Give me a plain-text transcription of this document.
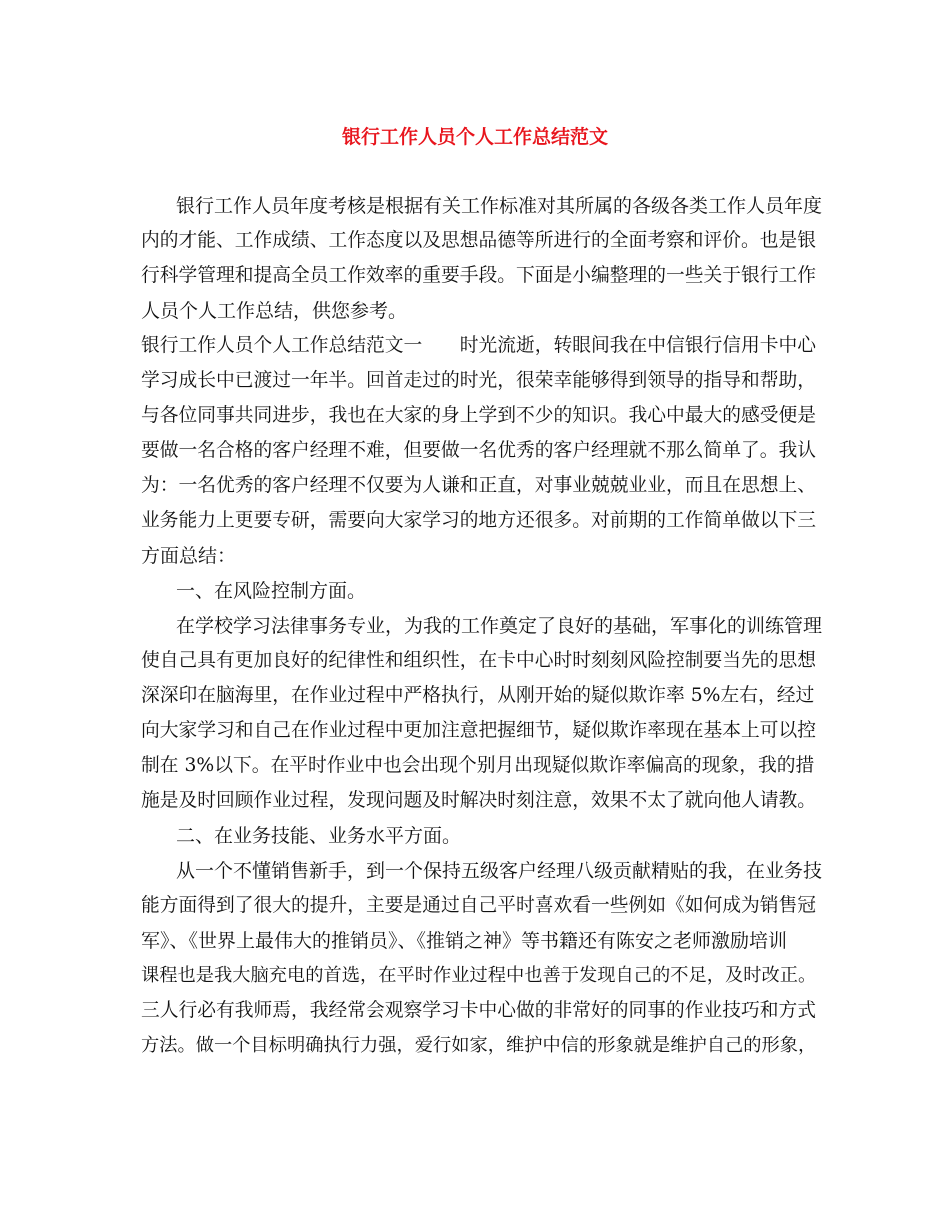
银行工作人员个人工作总结范文
银行工作人员年度考核是根据有关工作标准对其所属的各级各类工作人员年度
内的才能、工作成绩、工作态度以及思想品德等所进行的全面考察和评价。也是银
行科学管理和提高全员工作效率的重要手段。下面是小编整理的一些关于银行工作
人员个人工作总结，供您参考。
银行工作人员个人工作总结范文一　　时光流逝，转眼间我在中信银行信用卡中心
学习成长中已渡过一年半。回首走过的时光，很荣幸能够得到领导的指导和帮助，
与各位同事共同进步，我也在大家的身上学到不少的知识。我心中最大的感受便是
要做一名合格的客户经理不难，但要做一名优秀的客户经理就不那么简单了。我认
为：一名优秀的客户经理不仅要为人谦和正直，对事业兢兢业业，而且在思想上、
业务能力上更要专研，需要向大家学习的地方还很多。对前期的工作简单做以下三
方面总结：
一、在风险控制方面。
在学校学习法律事务专业，为我的工作奠定了良好的基础，军事化的训练管理
使自己具有更加良好的纪律性和组织性，在卡中心时时刻刻风险控制要当先的思想
深深印在脑海里，在作业过程中严格执行，从刚开始的疑似欺诈率 5%左右，经过
向大家学习和自己在作业过程中更加注意把握细节，疑似欺诈率现在基本上可以控
制在 3%以下。在平时作业中也会出现个别月出现疑似欺诈率偏高的现象，我的措
施是及时回顾作业过程，发现问题及时解决时刻注意，效果不太了就向他人请教。
二、在业务技能、业务水平方面。
从一个不懂销售新手，到一个保持五级客户经理八级贡献精贴的我，在业务技
能方面得到了很大的提升，主要是通过自己平时喜欢看一些例如《如何成为销售冠
军》、《世界上最伟大的推销员》、《推销之神》等书籍还有陈安之老师激励培训
课程也是我大脑充电的首选，在平时作业过程中也善于发现自己的不足，及时改正。
三人行必有我师焉，我经常会观察学习卡中心做的非常好的同事的作业技巧和方式
方法。做一个目标明确执行力强，爱行如家，维护中信的形象就是维护自己的形象，
